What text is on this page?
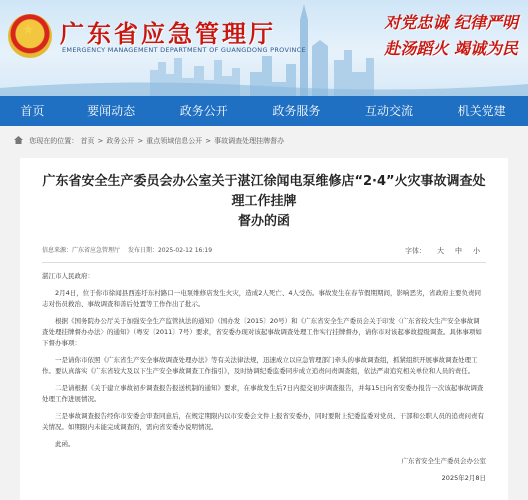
★ 广东省应急管理厅
EMERGENCY MANAGEMENT DEPARTMENT OF GUANGDONG PROVINCE
对党忠诚 纪律严明
赴汤蹈火 竭诚为民
首页	要闻动态	政务公开	政务服务	互动交流	机关党建
您现在的位置： 首页 > 政务公开 > 重点领域信息公开 > 事故调查处理挂牌督办
广东省安全生产委员会办公室关于湛江徐闻电泵维修店“2·4”火灾事故调查处理工作挂牌
督办的函
信息来源：广东省应急管理厅 发布日期：2025-02-12 16:19	字体： 大 中 小

湛江市人民政府：

2月4日，位于你市徐闻县西连圩东村路口一电泵维修店发生火灾，造成2人死亡、4人受伤。事故发生在春节假期期间，影响恶劣，省政府主要负责同志对伤员救治、事故调查和善后处置等工作作出了批示。

根据《国务院办公厅关于加强安全生产监管执法的通知》（国办发〔2015〕20号）和《广东省安全生产委员会关于印发〈广东省较大生产安全事故调查处理挂牌督办办法〉的通知》（粤安〔2011〕7号）要求，省安委办现对该起事故调查处理工作实行挂牌督办，请你市对该起事故提级调查。具体事项如下督办事项：

一是请你市依照《广东省生产安全事故调查处理办法》等有关法律法规，迅速成立以应急管理部门牵头的事故调查组，抓紧组织开展事故调查处理工作。要认真落实《广东省较大及以下生产安全事故调查工作指引》，及时协调纪委监委同步成立追责问责调查组，依法严肃追究相关单位和人员的责任。

二是请根据《关于建立事故初步调查报告报送机制的通知》要求，在事故发生后7日内提交初步调查报告，并每15日向省安委办报告一次该起事故调查处理工作进展情况。

三是事故调查报告经你市安委会审查同意后，在规定期限内以市安委会文件上报省安委办，同时要附上纪委监委对党员、干部和公职人员的追责问责有关情况。如期限内未能完成调查的，需向省安委办说明情况。

此函。

广东省安全生产委员会办公室

2025年2月8日
